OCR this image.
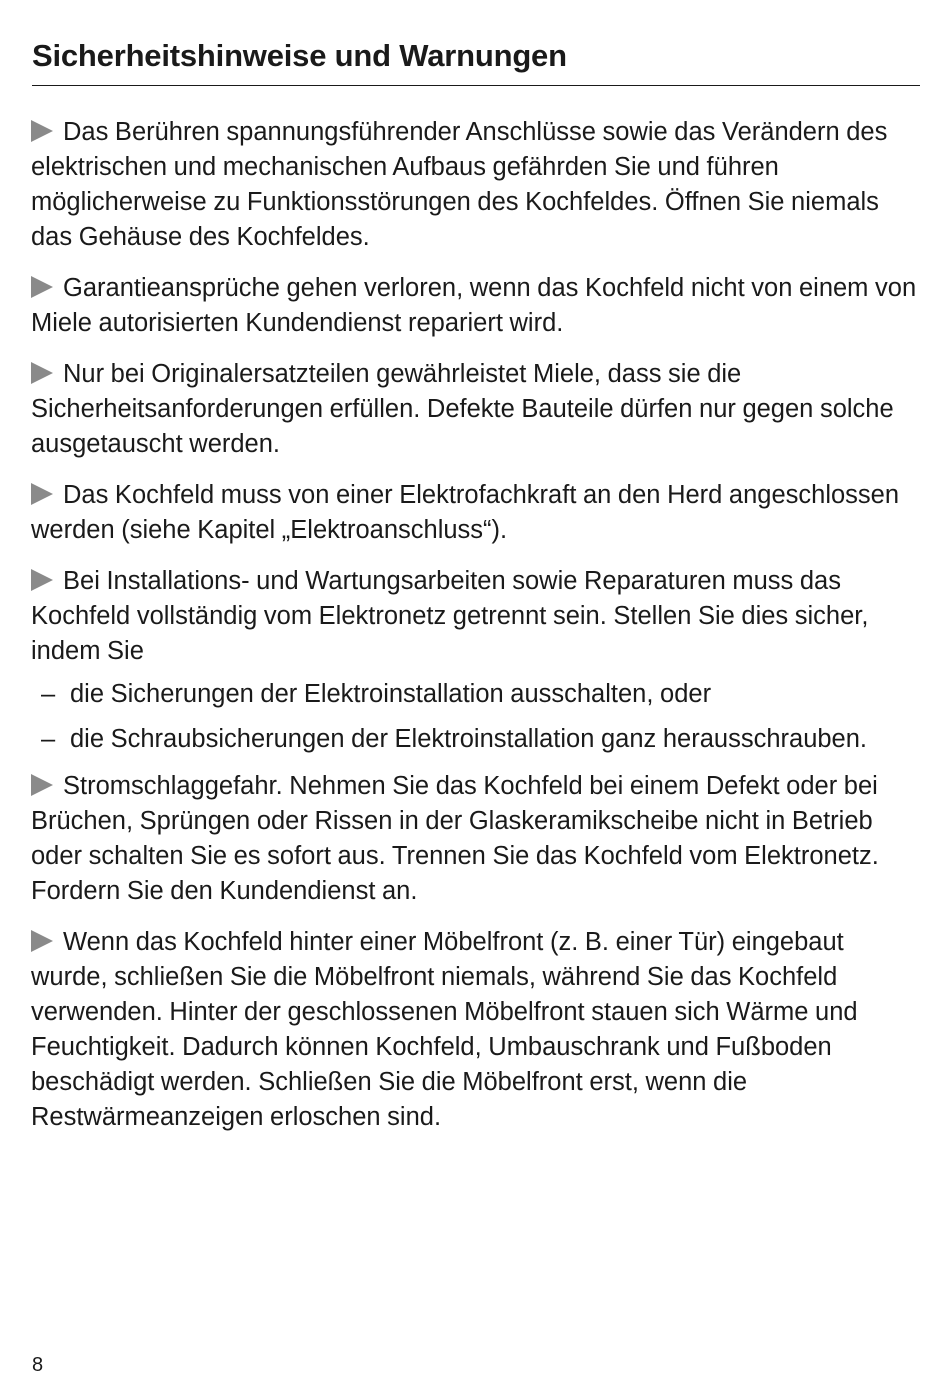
Sicherheitshinweise und Warnungen

Das Berühren spannungsführender Anschlüsse sowie das Verändern des elektrischen und mechanischen Aufbaus gefährden Sie und führen möglicherweise zu Funktionsstörungen des Kochfeldes. Öffnen Sie niemals das Gehäuse des Kochfeldes.

Garantieansprüche gehen verloren, wenn das Kochfeld nicht von einem von Miele autorisierten Kundendienst repariert wird.

Nur bei Originalersatzteilen gewährleistet Miele, dass sie die Sicherheitsanforderungen erfüllen. Defekte Bauteile dürfen nur gegen solche ausgetauscht werden.

Das Kochfeld muss von einer Elektrofachkraft an den Herd angeschlossen werden (siehe Kapitel „Elektroanschluss“).

Bei Installations- und Wartungsarbeiten sowie Reparaturen muss das Kochfeld vollständig vom Elektronetz getrennt sein. Stellen Sie dies sicher, indem Sie

– die Sicherungen der Elektroinstallation ausschalten, oder
– die Schraubsicherungen der Elektroinstallation ganz herausschrauben.

Stromschlaggefahr. Nehmen Sie das Kochfeld bei einem Defekt oder bei Brüchen, Sprüngen oder Rissen in der Glaskeramikscheibe nicht in Betrieb oder schalten Sie es sofort aus. Trennen Sie das Kochfeld vom Elektronetz. Fordern Sie den Kundendienst an.

Wenn das Kochfeld hinter einer Möbelfront (z. B. einer Tür) eingebaut wurde, schließen Sie die Möbelfront niemals, während Sie das Kochfeld verwenden. Hinter der geschlossenen Möbelfront stauen sich Wärme und Feuchtigkeit. Dadurch können Kochfeld, Umbauschrank und Fußboden beschädigt werden. Schließen Sie die Möbelfront erst, wenn die Restwärmeanzeigen erloschen sind.

8
